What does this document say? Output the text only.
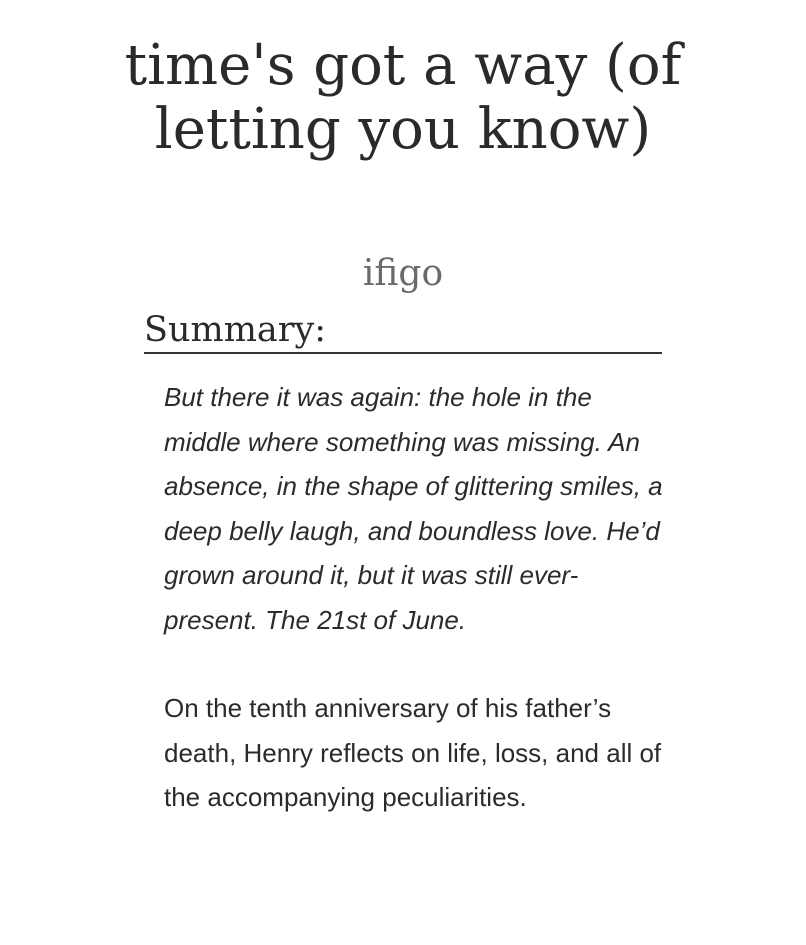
time's got a way (of letting you know)
ifigo
Summary:

But there it was again: the hole in the middle where something was missing. An absence, in the shape of glittering smiles, a deep belly laugh, and boundless love. He’d grown around it, but it was still ever-present. The 21st of June.

On the tenth anniversary of his father’s death, Henry reflects on life, loss, and all of the accompanying peculiarities.
